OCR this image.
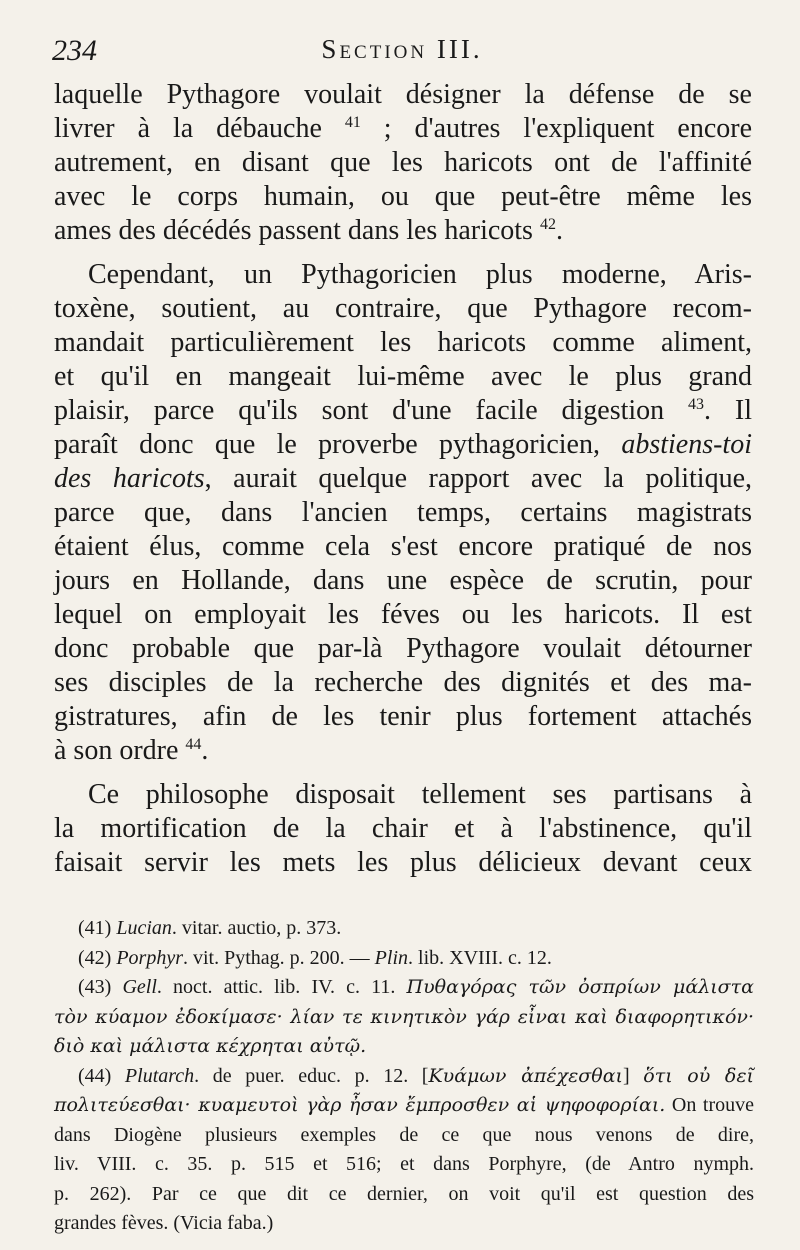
234	Section III.
laquelle Pythagore voulait désigner la défense de se
livrer à la débauche $^{41}$ ; d'autres l'expliquent encore
autrement, en disant que les haricots ont de l'affinité
avec le corps humain, ou que peut-être même les
ames des décédés passent dans les haricots $^{42}$.
Cependant, un Pythagoricien plus moderne, Aris-
toxène, soutient, au contraire, que Pythagore recom-
mandait particulièrement les haricots comme aliment,
et qu'il en mangeait lui-même avec le plus grand
plaisir, parce qu'ils sont d'une facile digestion $^{43}$. Il
paraît donc que le proverbe pythagoricien, abstiens-toi
des haricots, aurait quelque rapport avec la politique,
parce que, dans l'ancien temps, certains magistrats
étaient élus, comme cela s'est encore pratiqué de nos
jours en Hollande, dans une espèce de scrutin, pour
lequel on employait les féves ou les haricots. Il est
donc probable que par-là Pythagore voulait détourner
ses disciples de la recherche des dignités et des ma-
gistratures, afin de les tenir plus fortement attachés
à son ordre $^{44}$.
Ce philosophe disposait tellement ses partisans à
la mortification de la chair et à l'abstinence, qu'il
faisait servir les mets les plus délicieux devant ceux
(41) Lucian. vitar. auctio, p. 373.
(42) Porphyr. vit. Pythag. p. 200. — Plin. lib. XVIII. c. 12.
(43) Gell. noct. attic. lib. IV. c. 11. Πυθαγόρας τῶν ὀσπρίων μάλιστα
τὸν κύαμον ἐδοκίμασε· λίαν τε κινητικὸν γάρ εἶναι καὶ διαφορητικόν·
διὸ καὶ μάλιστα κέχρηται αὐτῷ.
(44) Plutarch. de puer. educ. p. 12. [Κυάμων ἀπέχεσθαι] ὅτι οὐ δεῖ
πολιτεύεσθαι· κυαμευτοὶ γὰρ ἦσαν ἔμπροσθεν αἱ ψηφοφορίαι. On trouve
dans Diogène plusieurs exemples de ce que nous venons de dire,
liv. VIII. c. 35. p. 515 et 516; et dans Porphyre, (de Antro nymph.
p. 262). Par ce que dit ce dernier, on voit qu'il est question des
grandes fèves. (Vicia faba.)
